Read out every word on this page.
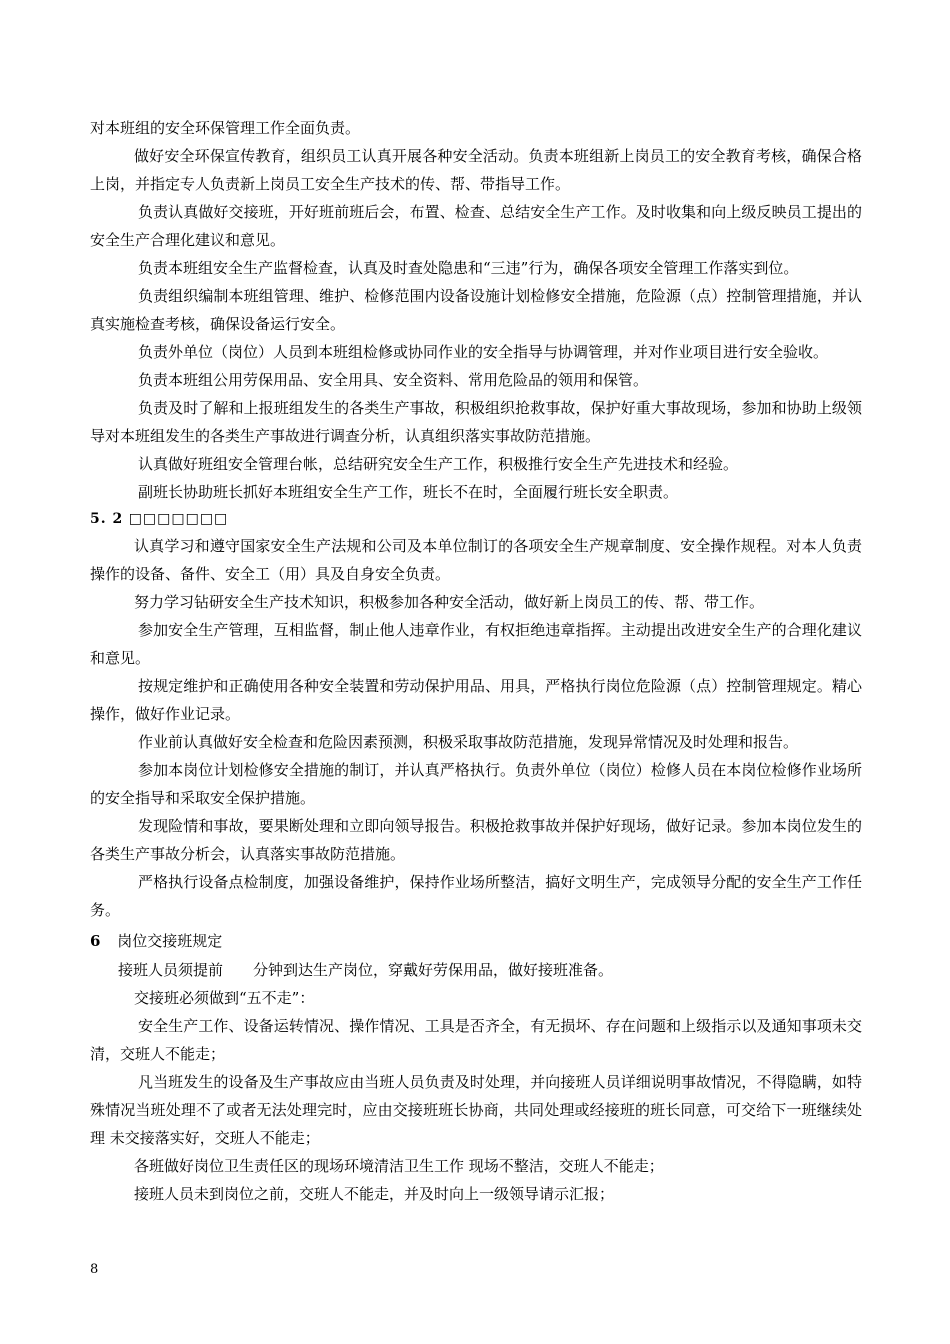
对本班组的安全环保管理工作全面负责。

做好安全环保宣传教育，组织员工认真开展各种安全活动。负责本班组新上岗员工的安全教育考核，确保合格上岗，并指定专人负责新上岗员工安全生产技术的传、帮、带指导工作。

负责认真做好交接班，开好班前班后会，布置、检查、总结安全生产工作。及时收集和向上级反映员工提出的安全生产合理化建议和意见。

负责本班组安全生产监督检查，认真及时查处隐患和“三违”行为，确保各项安全管理工作落实到位。

负责组织编制本班组管理、维护、检修范围内设备设施计划检修安全措施，危险源（点）控制管理措施，并认真实施检查考核，确保设备运行安全。

负责外单位（岗位）人员到本班组检修或协同作业的安全指导与协调管理，并对作业项目进行安全验收。

负责本班组公用劳保用品、安全用具、安全资料、常用危险品的领用和保管。

负责及时了解和上报班组发生的各类生产事故，积极组织抢救事故，保护好重大事故现场，参加和协助上级领导对本班组发生的各类生产事故进行调查分析，认真组织落实事故防范措施。

认真做好班组安全管理台帐，总结研究安全生产工作，积极推行安全生产先进技术和经验。

副班长协助班长抓好本班组安全生产工作，班长不在时，全面履行班长安全职责。

5. 2 □□□□□□□

认真学习和遵守国家安全生产法规和公司及本单位制订的各项安全生产规章制度、安全操作规程。对本人负责操作的设备、备件、安全工（用）具及自身安全负责。

努力学习钻研安全生产技术知识，积极参加各种安全活动，做好新上岗员工的传、帮、带工作。

参加安全生产管理，互相监督，制止他人违章作业，有权拒绝违章指挥。主动提出改进安全生产的合理化建议和意见。

按规定维护和正确使用各种安全装置和劳动保护用品、用具，严格执行岗位危险源（点）控制管理规定。精心操作，做好作业记录。

作业前认真做好安全检查和危险因素预测，积极采取事故防范措施，发现异常情况及时处理和报告。

参加本岗位计划检修安全措施的制订，并认真严格执行。负责外单位（岗位）检修人员在本岗位检修作业场所的安全指导和采取安全保护措施。

发现险情和事故，要果断处理和立即向领导报告。积极抢救事故并保护好现场，做好记录。参加本岗位发生的各类生产事故分析会，认真落实事故防范措施。

严格执行设备点检制度，加强设备维护，保持作业场所整洁，搞好文明生产，完成领导分配的安全生产工作任务。

6 岗位交接班规定

接班人员须提前 分钟到达生产岗位，穿戴好劳保用品，做好接班准备。

交接班必须做到“五不走”：

安全生产工作、设备运转情况、操作情况、工具是否齐全，有无损坏、存在问题和上级指示以及通知事项未交清，交班人不能走；

凡当班发生的设备及生产事故应由当班人员负责及时处理，并向接班人员详细说明事故情况，不得隐瞒，如特殊情况当班处理不了或者无法处理完时，应由交接班班长协商，共同处理或经接班的班长同意，可交给下一班继续处理 未交接落实好，交班人不能走；

各班做好岗位卫生责任区的现场环境清洁卫生工作 现场不整洁，交班人不能走；

接班人员未到岗位之前，交班人不能走，并及时向上一级领导请示汇报；

8
